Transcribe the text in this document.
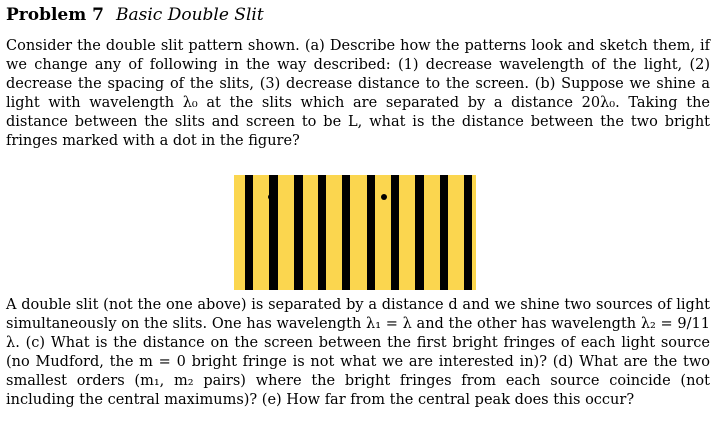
Problem 7 Basic Double Slit
Consider the double slit pattern shown. (a) Describe how the patterns look and sketch them, if we change any of following in the way described: (1) decrease wavelength of the light, (2) decrease the spacing of the slits, (3) decrease distance to the screen. (b) Suppose we shine a light with wavelength λ₀ at the slits which are separated by a distance 20λ₀. Taking the distance between the slits and screen to be L, what is the distance between the two bright fringes marked with a dot in the figure?
A double slit (not the one above) is separated by a distance d and we shine two sources of light simultaneously on the slits. One has wavelength λ₁ = λ and the other has wavelength λ₂ = 9/11 λ. (c) What is the distance on the screen between the first bright fringes of each light source (no Mudford, the m = 0 bright fringe is not what we are interested in)? (d) What are the two smallest orders (m₁, m₂ pairs) where the bright fringes from each source coincide (not including the central maximums)? (e) How far from the central peak does this occur?
